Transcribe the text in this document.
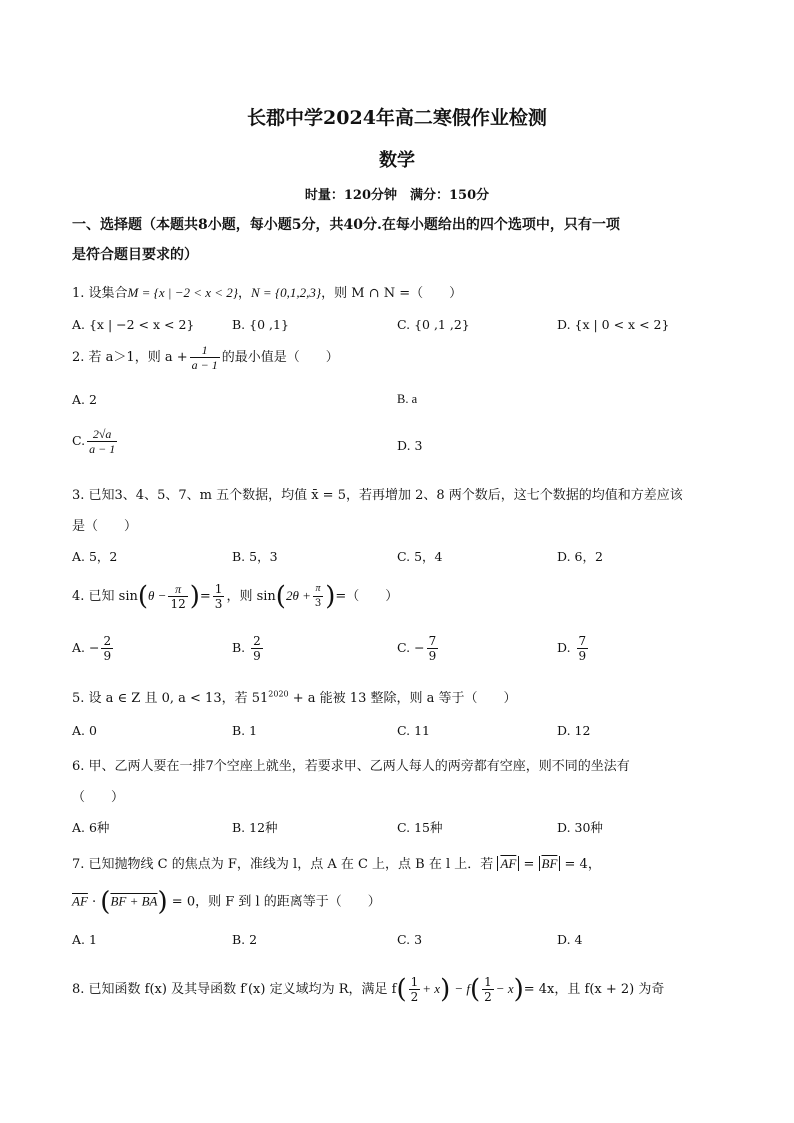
长郡中学2024年高二寒假作业检测
数学
时量：120分钟　满分：150分
一、选择题（本题共8小题，每小题5分，共40分.在每小题给出的四个选项中，只有一项
是符合题目要求的）
1. 设集合M = {x | −2 < x < 2}，N = {0,1,2,3}，则 M ∩ N =（　　）
A. {x | −2 < x < 2}	B. {0 ,1}	C. {0 ,1 ,2}	D. {x | 0 < x < 2}
2. 若 a＞1，则 $a + \frac{1}{a - 1}$ 的最小值是（　　）
A. 2	B. a
C. $\frac{2√a}{a - 1}$	D. 3
3. 已知3、4、5、7、m 五个数据，均值 x̄ = 5，若再增加 2、8 两个数后，这七个数据的均值和方差应该
是（　　）
A. 5，2	B. 5，3	C. 5，4	D. 6，2
4. 已知 $\sin(\theta - \frac{\pi}{12}$ )= $\frac{1}{3}$ ，则 $\sin(2\theta + \frac{\pi}{3}$ )=（　　）
A. − $\frac{2}{9}$	B. $\frac{2}{9}$	C. − $\frac{7}{9}$	D. $\frac{7}{9}$
5. 设 a ∈ Z 且 0, a < 13，若 $51^{2020} + a$ 能被 13 整除，则 a 等于（　　）
A. 0	B. 1	C. 11	D. 12
6. 甲、乙两人要在一排7个空座上就坐，若要求甲、乙两人每人的两旁都有空座，则不同的坐法有
（　　）
A. 6种	B. 12种	C. 15种	D. 30种
7. 已知抛物线 C 的焦点为 F，准线为 l，点 A 在 C 上，点 B 在 l 上．若 $\overline{AF} = \overline{BF} = 4$，
$\overline{AF} \cdot (BF + BA) = 0$，则 F 到 l 的距离等于（　　）
A. 1	B. 2	C. 3	D. 4
8. 已知函数 f(x) 及其导函数 f′(x) 定义域均为 R，满足 $f( \frac{1}{2} + x) - f( \frac{1}{2} - x)= 4x$，且 f(x + 2) 为奇
